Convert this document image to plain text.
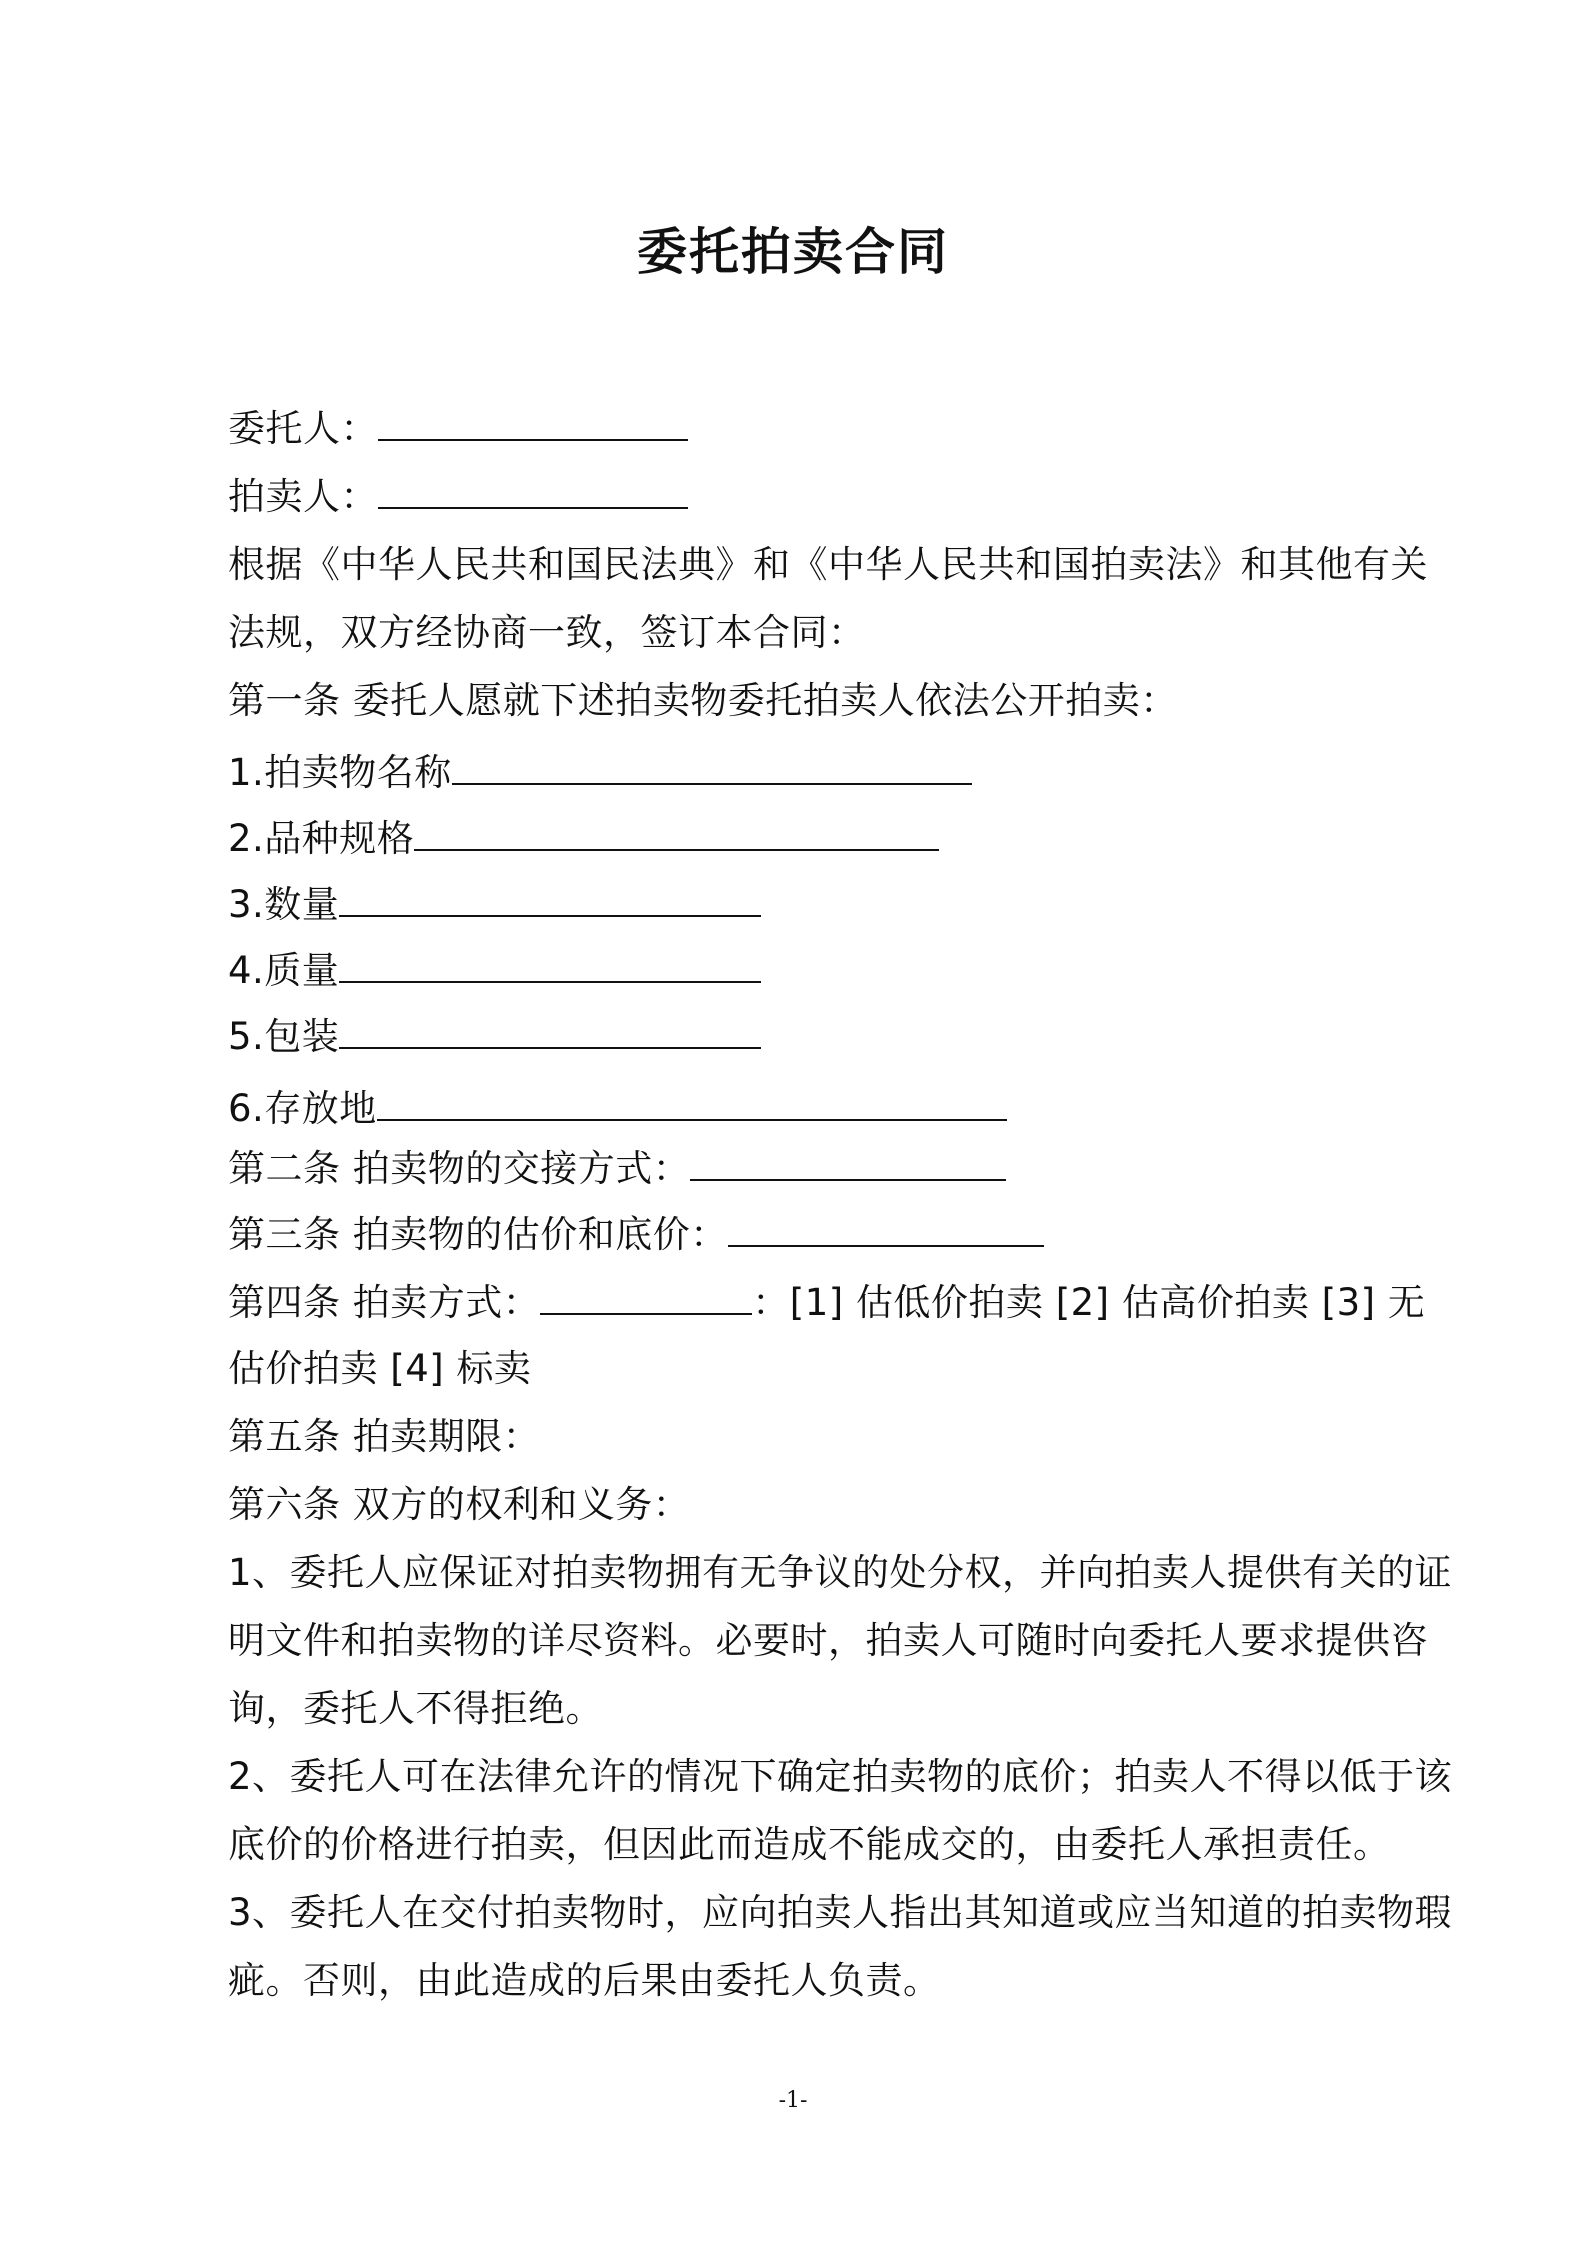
委托拍卖合同
委托人：
拍卖人：
根据《中华人民共和国民法典》和《中华人民共和国拍卖法》和其他有关
法规，双方经协商一致，签订本合同：
第一条 委托人愿就下述拍卖物委托拍卖人依法公开拍卖：
1.拍卖物名称
2.品种规格
3.数量
4.质量
5.包装
6.存放地
第二条 拍卖物的交接方式：
第三条 拍卖物的估价和底价：
第四条 拍卖方式：	：[1] 估低价拍卖 [2] 估高价拍卖 [3] 无
估价拍卖 [4] 标卖
第五条 拍卖期限：
第六条 双方的权利和义务：
1、委托人应保证对拍卖物拥有无争议的处分权，并向拍卖人提供有关的证
明文件和拍卖物的详尽资料。必要时，拍卖人可随时向委托人要求提供咨
询，委托人不得拒绝。
2、委托人可在法律允许的情况下确定拍卖物的底价；拍卖人不得以低于该
底价的价格进行拍卖，但因此而造成不能成交的，由委托人承担责任。
3、委托人在交付拍卖物时，应向拍卖人指出其知道或应当知道的拍卖物瑕
疵。否则，由此造成的后果由委托人负责。
-1-
